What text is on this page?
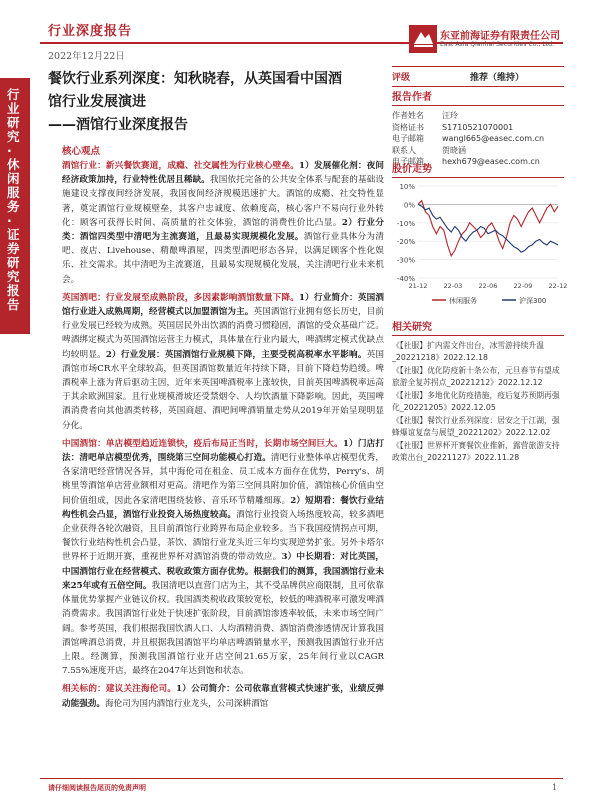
行业研究·休闲服务·证券研究报告
行业深度报告
2022年12月22日
东亚前海证券有限责任公司
East Asia Qianhai Securities Co., Ltd.
餐饮行业系列深度：知秋晓春，从英国看中国酒
馆行业发展演进
——酒馆行业深度报告
核心观点

酒馆行业：新兴餐饮赛道，成瘾、社交属性为行业核心壁垒。1）发展催化剂：夜间经济政策加持，行业特性优居且稀缺。我国依托完备的公共安全体系与配套的基础设施建设支撑夜间经济发展，我国夜间经济规模迅速扩大。酒馆的成瘾、社交特性显著，奠定酒馆行业规模壁垒，其客户忠诚度、依赖度高，核心客户不易向行业外转化：顾客可获得长时间、高质量的社交体验，酒馆的消费性价比凸显。2）行业分类：酒馆四类型中清吧为主流赛道，且最易实现规模化发展。酒馆行业具体分为清吧、夜店、Livehouse、精酿啤酒屋，四类型酒吧形态各异，以满足顾客个性化娱乐、社交需求。其中清吧为主流赛道，且最易实现规模化发展，关注清吧行业未来机会。

英国酒吧：行业发展至成熟阶段，多因素影响酒馆数量下降。1）行业简介：英国酒馆行业进入成熟周期，经营模式以加盟酒馆为主。英国酒馆行业拥有悠长历史，目前行业发展已经较为成熟。英国居民外出饮酒的消费习惯稳固，酒馆的受众基础广泛。啤酒绑定模式为英国酒馆运营主力模式，具体量在行业内最大，啤酒绑定模式优缺点均较明显。2）行业发展：英国酒馆行业规模下降，主要受税高税率水平影响。英国酒馆市场CR水平全球较高，但英国酒馆数量近年持续下降，目前下降趋势趋缓。啤酒税率上涨为背后驱动主因，近年来英国啤酒税率上涨较快，目前英国啤酒税率远高于其余欧洲国家。且行业规模滑坡还受禁烟令、人均饮酒量下降影响。因此，英国啤酒消费者向其他酒类转移，英国商超、酒吧间啤酒销量走势从2019年开始呈现明显分化。

中国酒馆：单店模型趋近连锁快，疫后布局正当时，长期市场空间巨大。1）门店打法：清吧单店模型优秀，围绕第三空间功能模心打造。清吧行业整体单店模型优秀，各家清吧经营情况各异，其中海伦司在租金、员工成本方面存在优势，Perry's、胡桃里等酒馆单店营业额相对更高。清吧作为第三空间具附加价值，酒馆核心价值由空间价值组成，因此各家清吧围绕装修、音乐环节精雕细琢。2）短期看：餐饮行业结构性机会凸显，酒馆行业投资入场热度较高。酒馆行业投资入场热度较高，较多酒吧企业获得各轮次融资，且目前酒馆行业跨界布局企业较多。当下我国疫情拐点可期，餐饮行业结构性机会凸显，茶饮、酒馆行业龙头近三年均实现逆势扩张。另外卡塔尔世界杯于近期开赛，重视世界杯对酒馆消费的带动效应。3）中长期看：对比英国，中国酒馆行业在经营模式、税收政策方面存优势。根据我们的测算，我国酒馆行业未来25年或有五倍空间。我国清吧以直营门店为主，其不受品牌供应商限制，且可依靠体量优势掌握产业链议价权。我国酒类税收政策较宽松，较低的啤酒税率可激发啤酒消费需求。我国酒馆行业处于快速扩张阶段，目前酒馆渗透率较低，未来市场空间广阔。参考英国，我们根据我国饮酒人口、人均酒精消费、酒馆消费渗透情况计算我国酒馆啤酒总消费，并且根据我国酒馆平均单店啤酒销量水平，预测我国酒馆行业开店上限。经测算，预测我国酒馆行业开店空间21.65万家，25年间行业以CAGR 7.55%速度开店，最终在2047年达到饱和状态。

相关标的：建议关注海伦司。1）公司简介：公司依靠直营模式快速扩张，业绩反弹动能强劲。海伦司为国内酒馆行业龙头，公司深耕酒馆

评级	推荐（维持）
报告作者
作者姓名	汪玲
资格证书	S1710521070001
电子邮箱	wangl665@easec.com.cn
联系人	贺晓涵
电子邮箱	hexh679@easec.com.cn
股价走势
10%
0%
-10%
-20%
-30%
-40%
21-12 22-03 22-06 22-09 22-12
休闲服务	沪深300
相关研究
《【社服】扩内需文件出台，冰雪游持续升温_20221218》2022.12.18
《【社服】优化防疫新十条公布，元旦春节有望成旅游全复苏拐点_20221212》2022.12.12
《【社服】多地优化防疫措施，疫后复苏预期再强化_20221205》2022.12.05
《【社服】餐饮行业系列深度：居安之于江湖，强蜂爆谊复盘与展望_20221202》2022.12.02
《【社服】世界杯开赛餐饮业推新，露营旅游支持政策出台_20221127》2022.11.28
请仔细阅读报告尾页的免责声明	1
